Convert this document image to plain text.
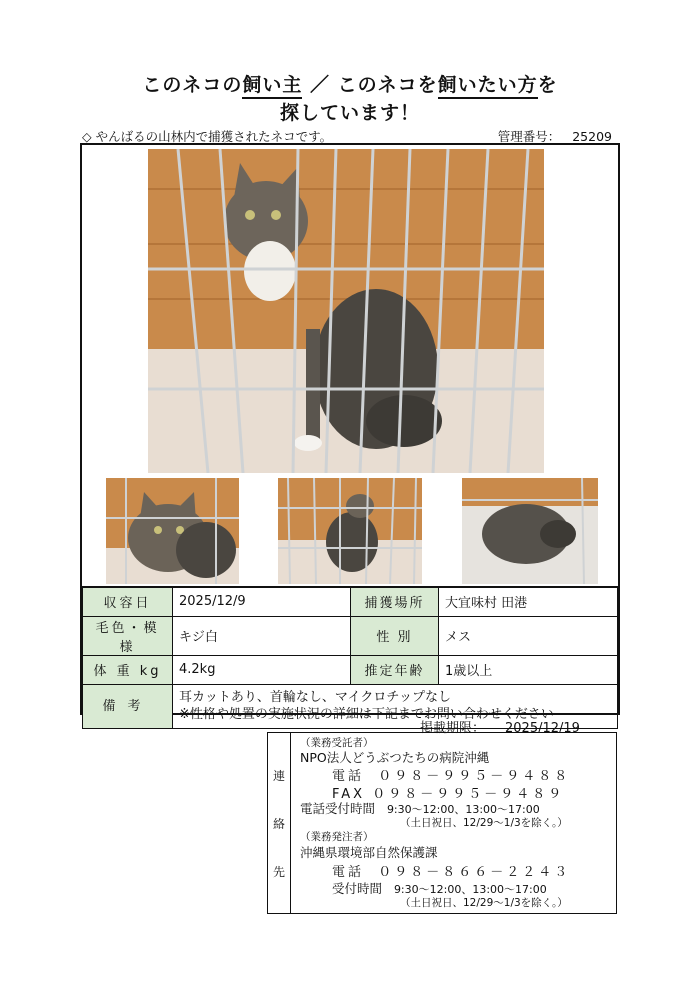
このネコの飼い主 ／ このネコを飼いたい方を
探しています！
◇ やんばるの山林内で捕獲されたネコです。	管理番号： 25209
収容日	2025/12/9	捕獲場所	大宜味村 田港
毛色・模様	キジ白	性 別	メス
体 重 kg	4.2kg	推定年齢	1歳以上
備考	耳カットあり、首輪なし、マイクロチップなし
※性格や処置の実施状況の詳細は下記までお問い合わせください		
掲載期限： 2025/12/19
連
絡
先
（業務受託者）
NPO法人どうぶつたちの病院沖縄
電話 ０９８－９９５－９４８８
FAX ０９８－９９５－９４８９
電話受付時間 9:30～12:00、13:00～17:00
（土日祝日、12/29～1/3を除く。）
（業務発注者）
沖縄県環境部自然保護課
電話 ０９８－８６６－２２４３
受付時間 9:30～12:00、13:00～17:00
（土日祝日、12/29～1/3を除く。）
